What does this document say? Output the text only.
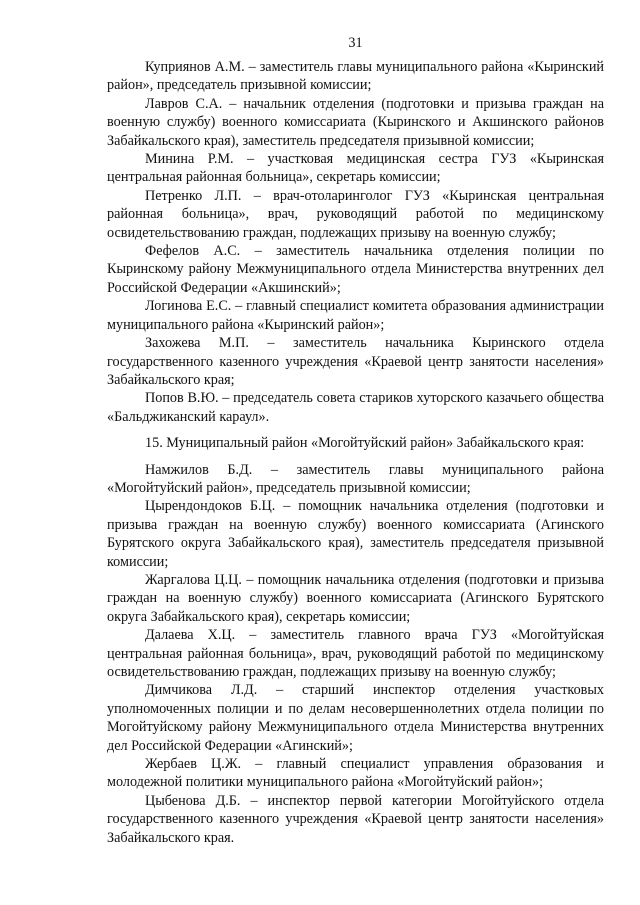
31

Куприянов А.М. – заместитель главы муниципального района «Кыринский район», председатель призывной комиссии;

Лавров С.А. – начальник отделения (подготовки и призыва граждан на военную службу) военного комиссариата (Кыринского и Акшинского районов Забайкальского края), заместитель председателя призывной комиссии;

Минина Р.М. – участковая медицинская сестра ГУЗ «Кыринская центральная районная больница», секретарь комиссии;

Петренко Л.П. – врач-отоларинголог ГУЗ «Кыринская центральная районная больница», врач, руководящий работой по медицинскому освидетельствованию граждан, подлежащих призыву на военную службу;

Фефелов А.С. – заместитель начальника отделения полиции по Кыринскому району Межмуниципального отдела Министерства внутренних дел Российской Федерации «Акшинский»;

Логинова Е.С. – главный специалист комитета образования администрации муниципального района «Кыринский район»;

Захожева М.П. – заместитель начальника Кыринского отдела государственного казенного учреждения «Краевой центр занятости населения» Забайкальского края;

Попов В.Ю. – председатель совета стариков хуторского казачьего общества «Бальджиканский караул».

15. Муниципальный район «Могойтуйский район» Забайкальского края:

Намжилов Б.Д. – заместитель главы муниципального района «Могойтуйский район», председатель призывной комиссии;

Цырендондоков Б.Ц. – помощник начальника отделения (подготовки и призыва граждан на военную службу) военного комиссариата (Агинского Бурятского округа Забайкальского края), заместитель председателя призывной комиссии;

Жаргалова Ц.Ц. – помощник начальника отделения (подготовки и призыва граждан на военную службу) военного комиссариата (Агинского Бурятского округа Забайкальского края), секретарь комиссии;

Далаева Х.Ц. – заместитель главного врача ГУЗ «Могойтуйская центральная районная больница», врач, руководящий работой по медицинскому освидетельствованию граждан, подлежащих призыву на военную службу;

Димчикова Л.Д. – старший инспектор отделения участковых уполномоченных полиции и по делам несовершеннолетних отдела полиции по Могойтуйскому району Межмуниципального отдела Министерства внутренних дел Российской Федерации «Агинский»;

Жербаев Ц.Ж. – главный специалист управления образования и молодежной политики муниципального района «Могойтуйский район»;

Цыбенова Д.Б. – инспектор первой категории Могойтуйского отдела государственного казенного учреждения «Краевой центр занятости населения» Забайкальского края.
